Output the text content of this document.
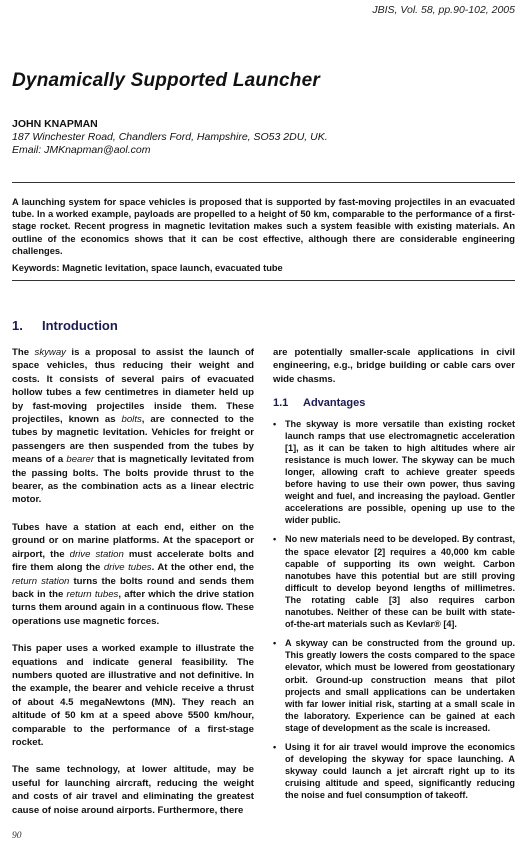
JBIS, Vol. 58, pp.90-102, 2005
Dynamically Supported Launcher
JOHN KNAPMAN
187 Winchester Road, Chandlers Ford, Hampshire, SO53 2DU, UK.
Email: JMKnapman@aol.com
A launching system for space vehicles is proposed that is supported by fast-moving projectiles in an evacuated tube. In a worked example, payloads are propelled to a height of 50 km, comparable to the performance of a first-stage rocket. Recent progress in magnetic levitation makes such a system feasible with existing materials. An outline of the economics shows that it can be cost effective, although there are considerable engineering challenges.
Keywords: Magnetic levitation, space launch, evacuated tube
1. Introduction

The skyway is a proposal to assist the launch of space vehicles, thus reducing their weight and costs. It consists of several pairs of evacuated hollow tubes a few centimetres in diameter held up by fast-moving projectiles inside them. These projectiles, known as bolts, are connected to the tubes by magnetic levitation. Vehicles for freight or passengers are then suspended from the tubes by means of a bearer that is magnetically levitated from the passing bolts. The bolts provide thrust to the bearer, as the combination acts as a linear electric motor.

Tubes have a station at each end, either on the ground or on marine platforms. At the spaceport or airport, the drive station must accelerate bolts and fire them along the drive tubes. At the other end, the return station turns the bolts round and sends them back in the return tubes, after which the drive station turns them around again in a continuous flow. These operations use magnetic forces.

This paper uses a worked example to illustrate the equations and indicate general feasibility. The numbers quoted are illustrative and not definitive. In the example, the bearer and vehicle receive a thrust of about 4.5 megaNewtons (MN). They reach an altitude of 50 km at a speed above 5500 km/hour, comparable to the performance of a first-stage rocket.

The same technology, at lower altitude, may be useful for launching aircraft, reducing the weight and costs of air travel and eliminating the greatest cause of noise around airports. Furthermore, there

are potentially smaller-scale applications in civil engineering, e.g., bridge building or cable cars over wide chasms.

1.1 Advantages
• The skyway is more versatile than existing rocket launch ramps that use electromagnetic acceleration [1], as it can be taken to high altitudes where air resistance is much lower. The skyway can be much longer, allowing craft to achieve greater speeds before having to use their own power, thus saving weight and fuel, and increasing the payload. Gentler accelerations are possible, opening up use to the wider public.
• No new materials need to be developed. By contrast, the space elevator [2] requires a 40,000 km cable capable of supporting its own weight. Carbon nanotubes have this potential but are still proving difficult to develop beyond lengths of millimetres. The rotating cable [3] also requires carbon nanotubes. Neither of these can be built with state-of-the-art materials such as Kevlar® [4].
• A skyway can be constructed from the ground up. This greatly lowers the costs compared to the space elevator, which must be lowered from geostationary orbit. Ground-up construction means that pilot projects and small applications can be undertaken with far lower initial risk, starting at a small scale in the laboratory. Experience can be gained at each stage of development as the scale is increased.
• Using it for air travel would improve the economics of developing the skyway for space launching. A skyway could launch a jet aircraft right up to its cruising altitude and speed, significantly reducing the noise and fuel consumption of takeoff.
90
